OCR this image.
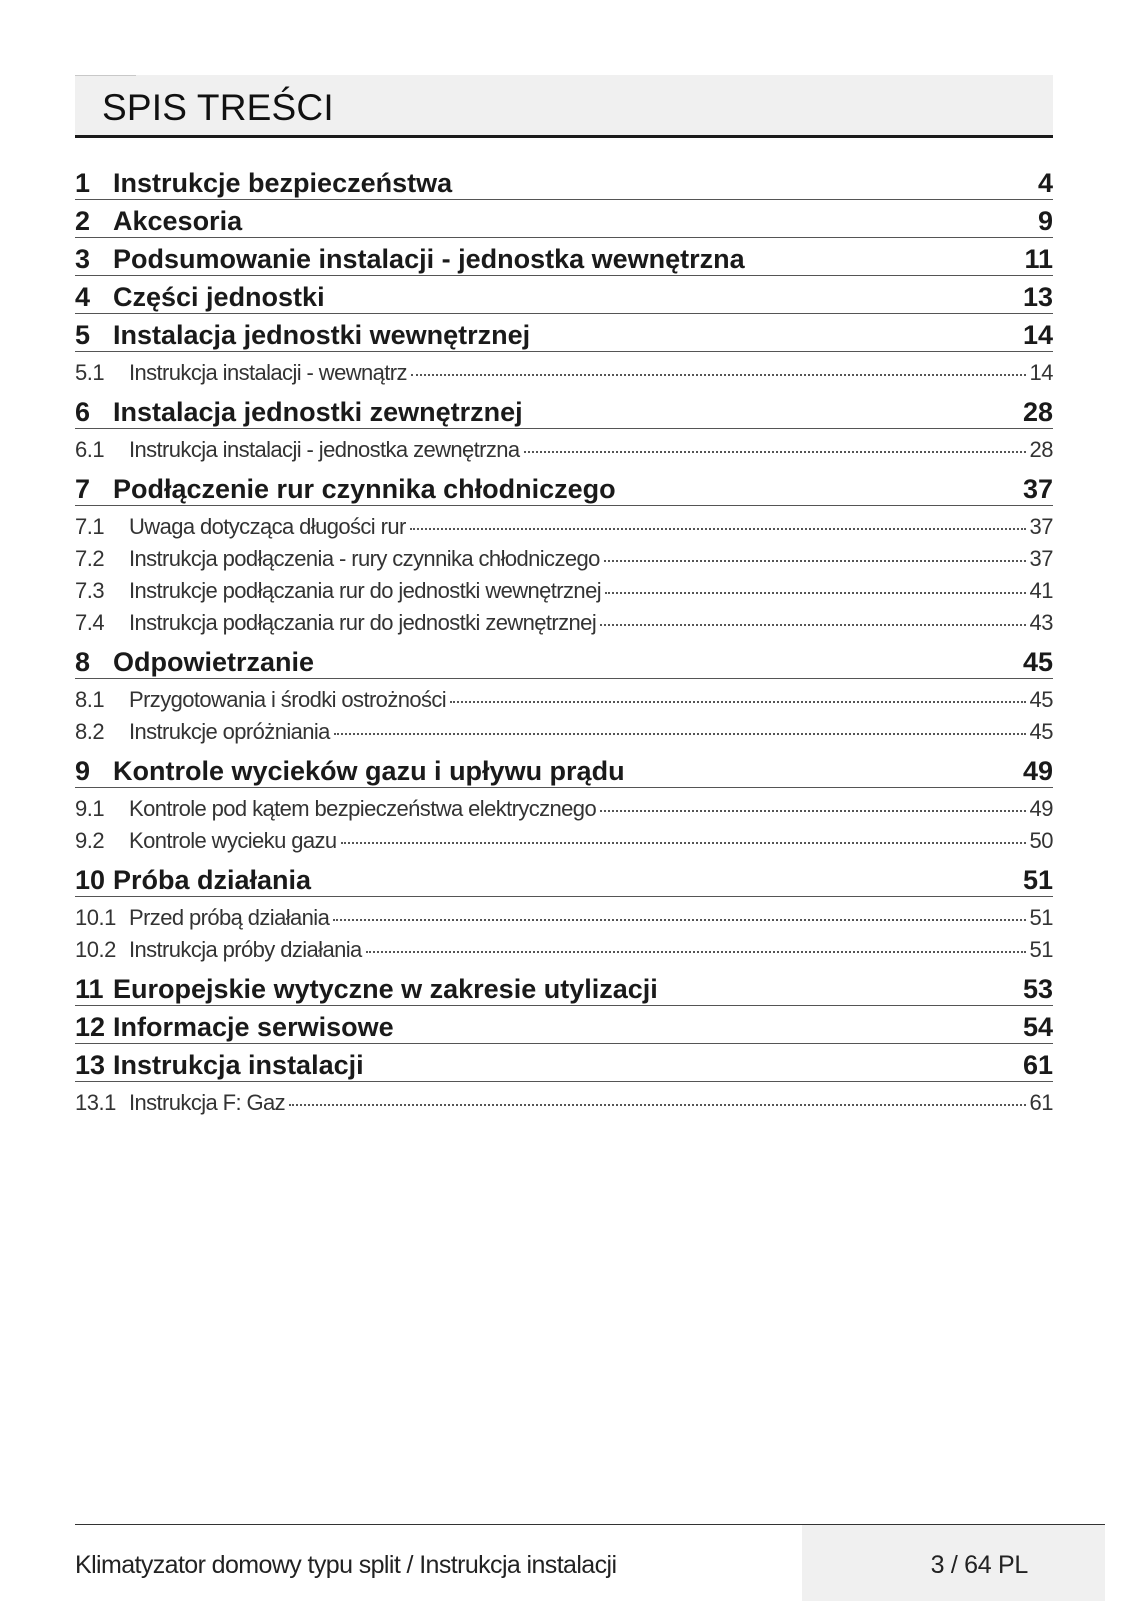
SPIS TREŚCI
1 Instrukcje bezpieczeństwa	4
2 Akcesoria	9
3 Podsumowanie instalacji - jednostka wewnętrzna	11
4 Części jednostki	13
5 Instalacja jednostki wewnętrznej	14
5.1	Instrukcja instalacji - wewnątrz	14
6 Instalacja jednostki zewnętrznej	28
6.1	Instrukcja instalacji - jednostka zewnętrzna	28
7 Podłączenie rur czynnika chłodniczego	37
7.1	Uwaga dotycząca długości rur	37
7.2	Instrukcja podłączenia - rury czynnika chłodniczego	37
7.3	Instrukcje podłączania rur do jednostki wewnętrznej	41
7.4	Instrukcja podłączania rur do jednostki zewnętrznej	43
8 Odpowietrzanie	45
8.1	Przygotowania i środki ostrożności	45
8.2	Instrukcje opróżniania	45
9 Kontrole wycieków gazu i upływu prądu	49
9.1	Kontrole pod kątem bezpieczeństwa elektrycznego	49
9.2	Kontrole wycieku gazu	50
10 Próba działania	51
10.1 Przed próbą działania	51
10.2 Instrukcja próby działania	51
11 Europejskie wytyczne w zakresie utylizacji	53
12 Informacje serwisowe	54
13 Instrukcja instalacji	61
13.1 Instrukcja F: Gaz	61
Klimatyzator domowy typu split / Instrukcja instalacji	3 / 64 PL
